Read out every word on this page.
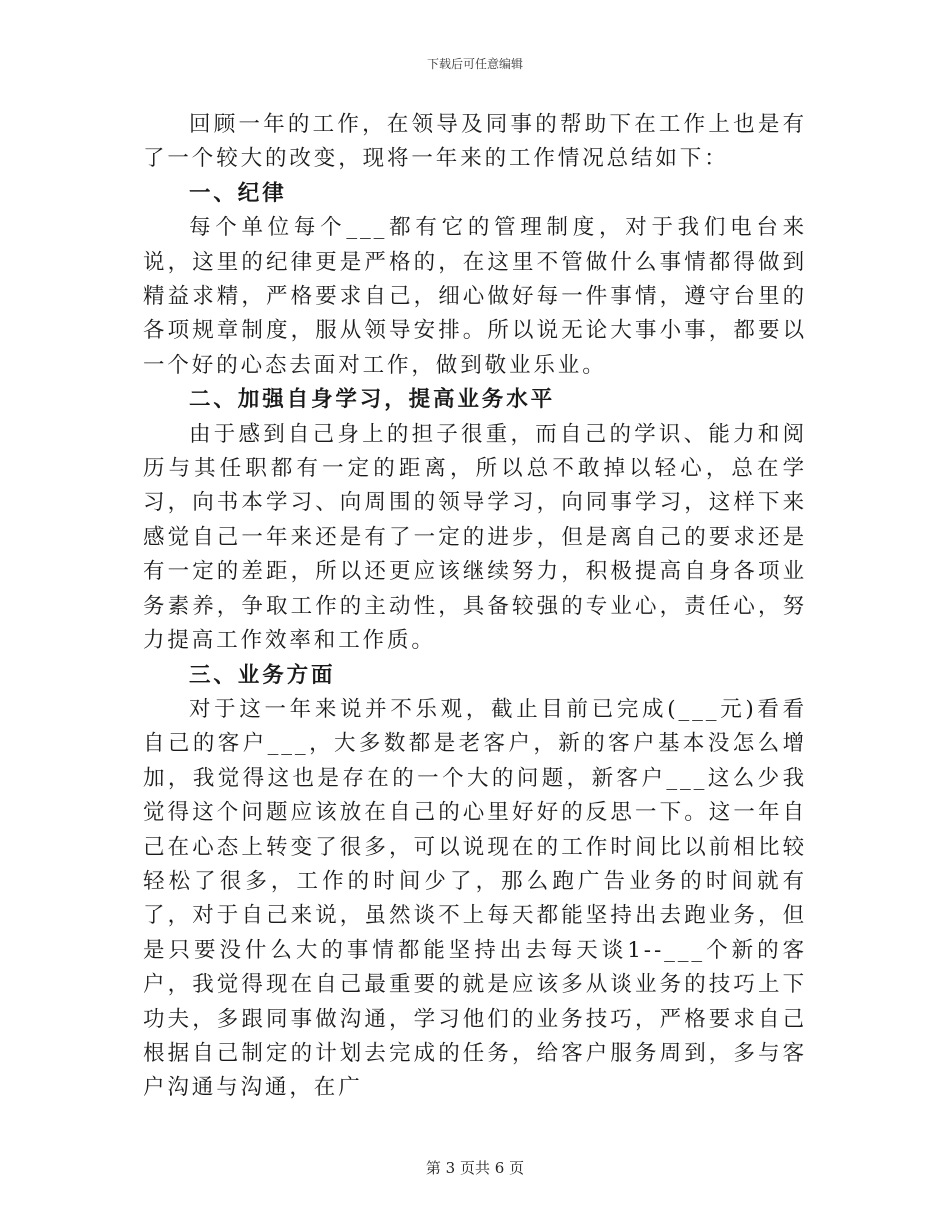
下载后可任意编辑

回顾一年的工作，在领导及同事的帮助下在工作上也是有了一个较大的改变，现将一年来的工作情况总结如下：

一、纪律

每个单位每个___都有它的管理制度，对于我们电台来说，这里的纪律更是严格的，在这里不管做什么事情都得做到精益求精，严格要求自己，细心做好每一件事情，遵守台里的各项规章制度，服从领导安排。所以说无论大事小事，都要以一个好的心态去面对工作，做到敬业乐业。

二、加强自身学习，提高业务水平

由于感到自己身上的担子很重，而自己的学识、能力和阅历与其任职都有一定的距离，所以总不敢掉以轻心，总在学习，向书本学习、向周围的领导学习，向同事学习，这样下来感觉自己一年来还是有了一定的进步，但是离自己的要求还是有一定的差距，所以还更应该继续努力，积极提高自身各项业务素养，争取工作的主动性，具备较强的专业心，责任心，努力提高工作效率和工作质。

三、业务方面

对于这一年来说并不乐观，截止目前已完成(___元)看看自己的客户___，大多数都是老客户，新的客户基本没怎么增加，我觉得这也是存在的一个大的问题，新客户___这么少我觉得这个问题应该放在自己的心里好好的反思一下。这一年自己在心态上转变了很多，可以说现在的工作时间比以前相比较轻松了很多，工作的时间少了，那么跑广告业务的时间就有了，对于自己来说，虽然谈不上每天都能坚持出去跑业务，但是只要没什么大的事情都能坚持出去每天谈1--___个新的客户，我觉得现在自己最重要的就是应该多从谈业务的技巧上下功夫，多跟同事做沟通，学习他们的业务技巧，严格要求自己根据自己制定的计划去完成的任务，给客户服务周到，多与客户沟通与沟通，在广

第 3 页共 6 页
